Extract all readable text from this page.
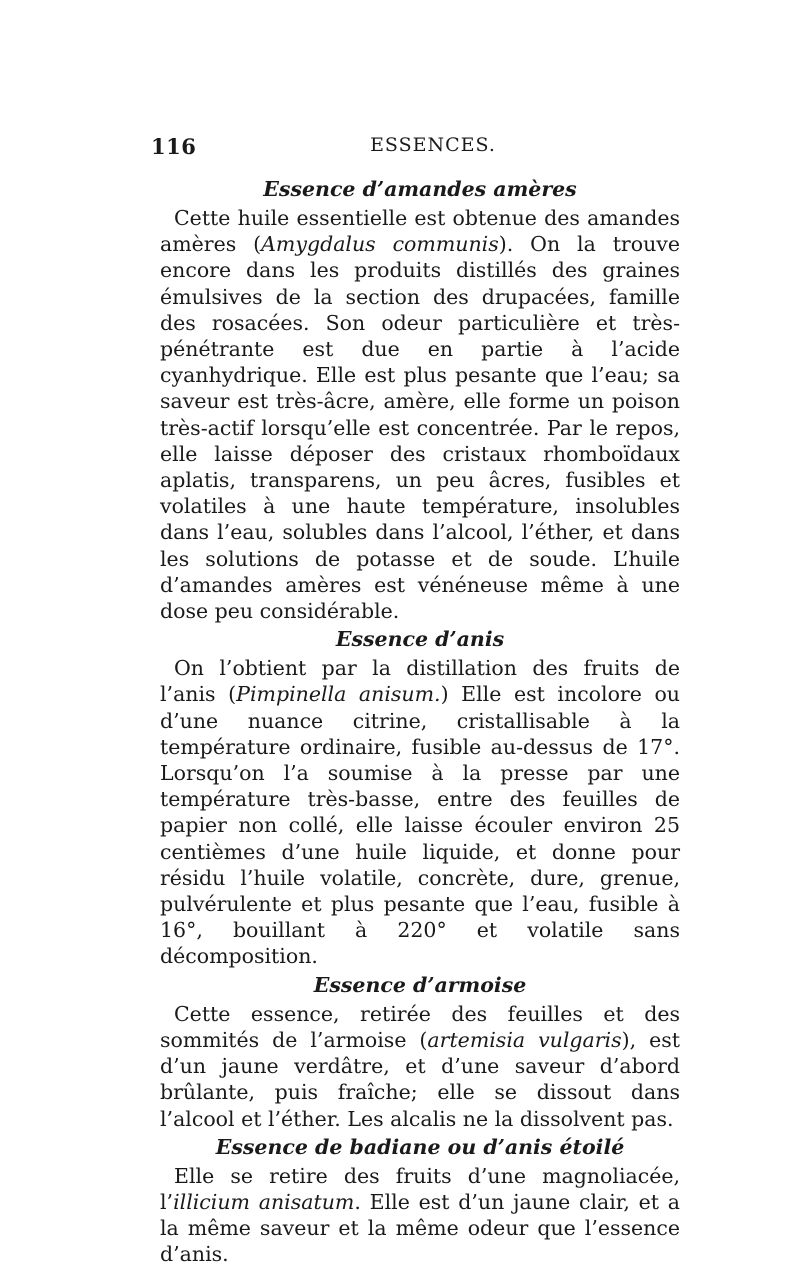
116	ESSENCES.
Essence d’amandes amères

Cette huile essentielle est obtenue des amandes amères (Amygdalus communis). On la trouve encore dans les produits distillés des graines émulsives de la section des drupacées, famille des rosacées. Son odeur particulière et très-pénétrante est due en partie à l’acide cyanhydrique. Elle est plus pesante que l’eau; sa saveur est très-âcre, amère, elle forme un poison très-actif lorsqu’elle est concentrée. Par le repos, elle laisse déposer des cristaux rhomboïdaux aplatis, transparens, un peu âcres, fusibles et volatiles à une haute température, insolubles dans l’eau, solubles dans l’alcool, l’éther, et dans les solutions de potasse et de soude. L’huile d’amandes amères est vénéneuse même à une dose peu considérable.

Essence d’anis

On l’obtient par la distillation des fruits de l’anis (Pimpinella anisum.) Elle est incolore ou d’une nuance citrine, cristallisable à la température ordinaire, fusible au-dessus de 17°. Lorsqu’on l’a soumise à la presse par une température très-basse, entre des feuilles de papier non collé, elle laisse écouler environ 25 centièmes d’une huile liquide, et donne pour résidu l’huile volatile, concrète, dure, grenue, pulvérulente et plus pesante que l’eau, fusible à 16°, bouillant à 220° et volatile sans décomposition.

Essence d’armoise

Cette essence, retirée des feuilles et des sommités de l’armoise (artemisia vulgaris), est d’un jaune verdâtre, et d’une saveur d’abord brûlante, puis fraîche; elle se dissout dans l’alcool et l’éther. Les alcalis ne la dissolvent pas.

Essence de badiane ou d’anis étoilé

Elle se retire des fruits d’une magnoliacée, l’illicium anisatum. Elle est d’un jaune clair, et a la même saveur et la même odeur que l’essence d’anis.
